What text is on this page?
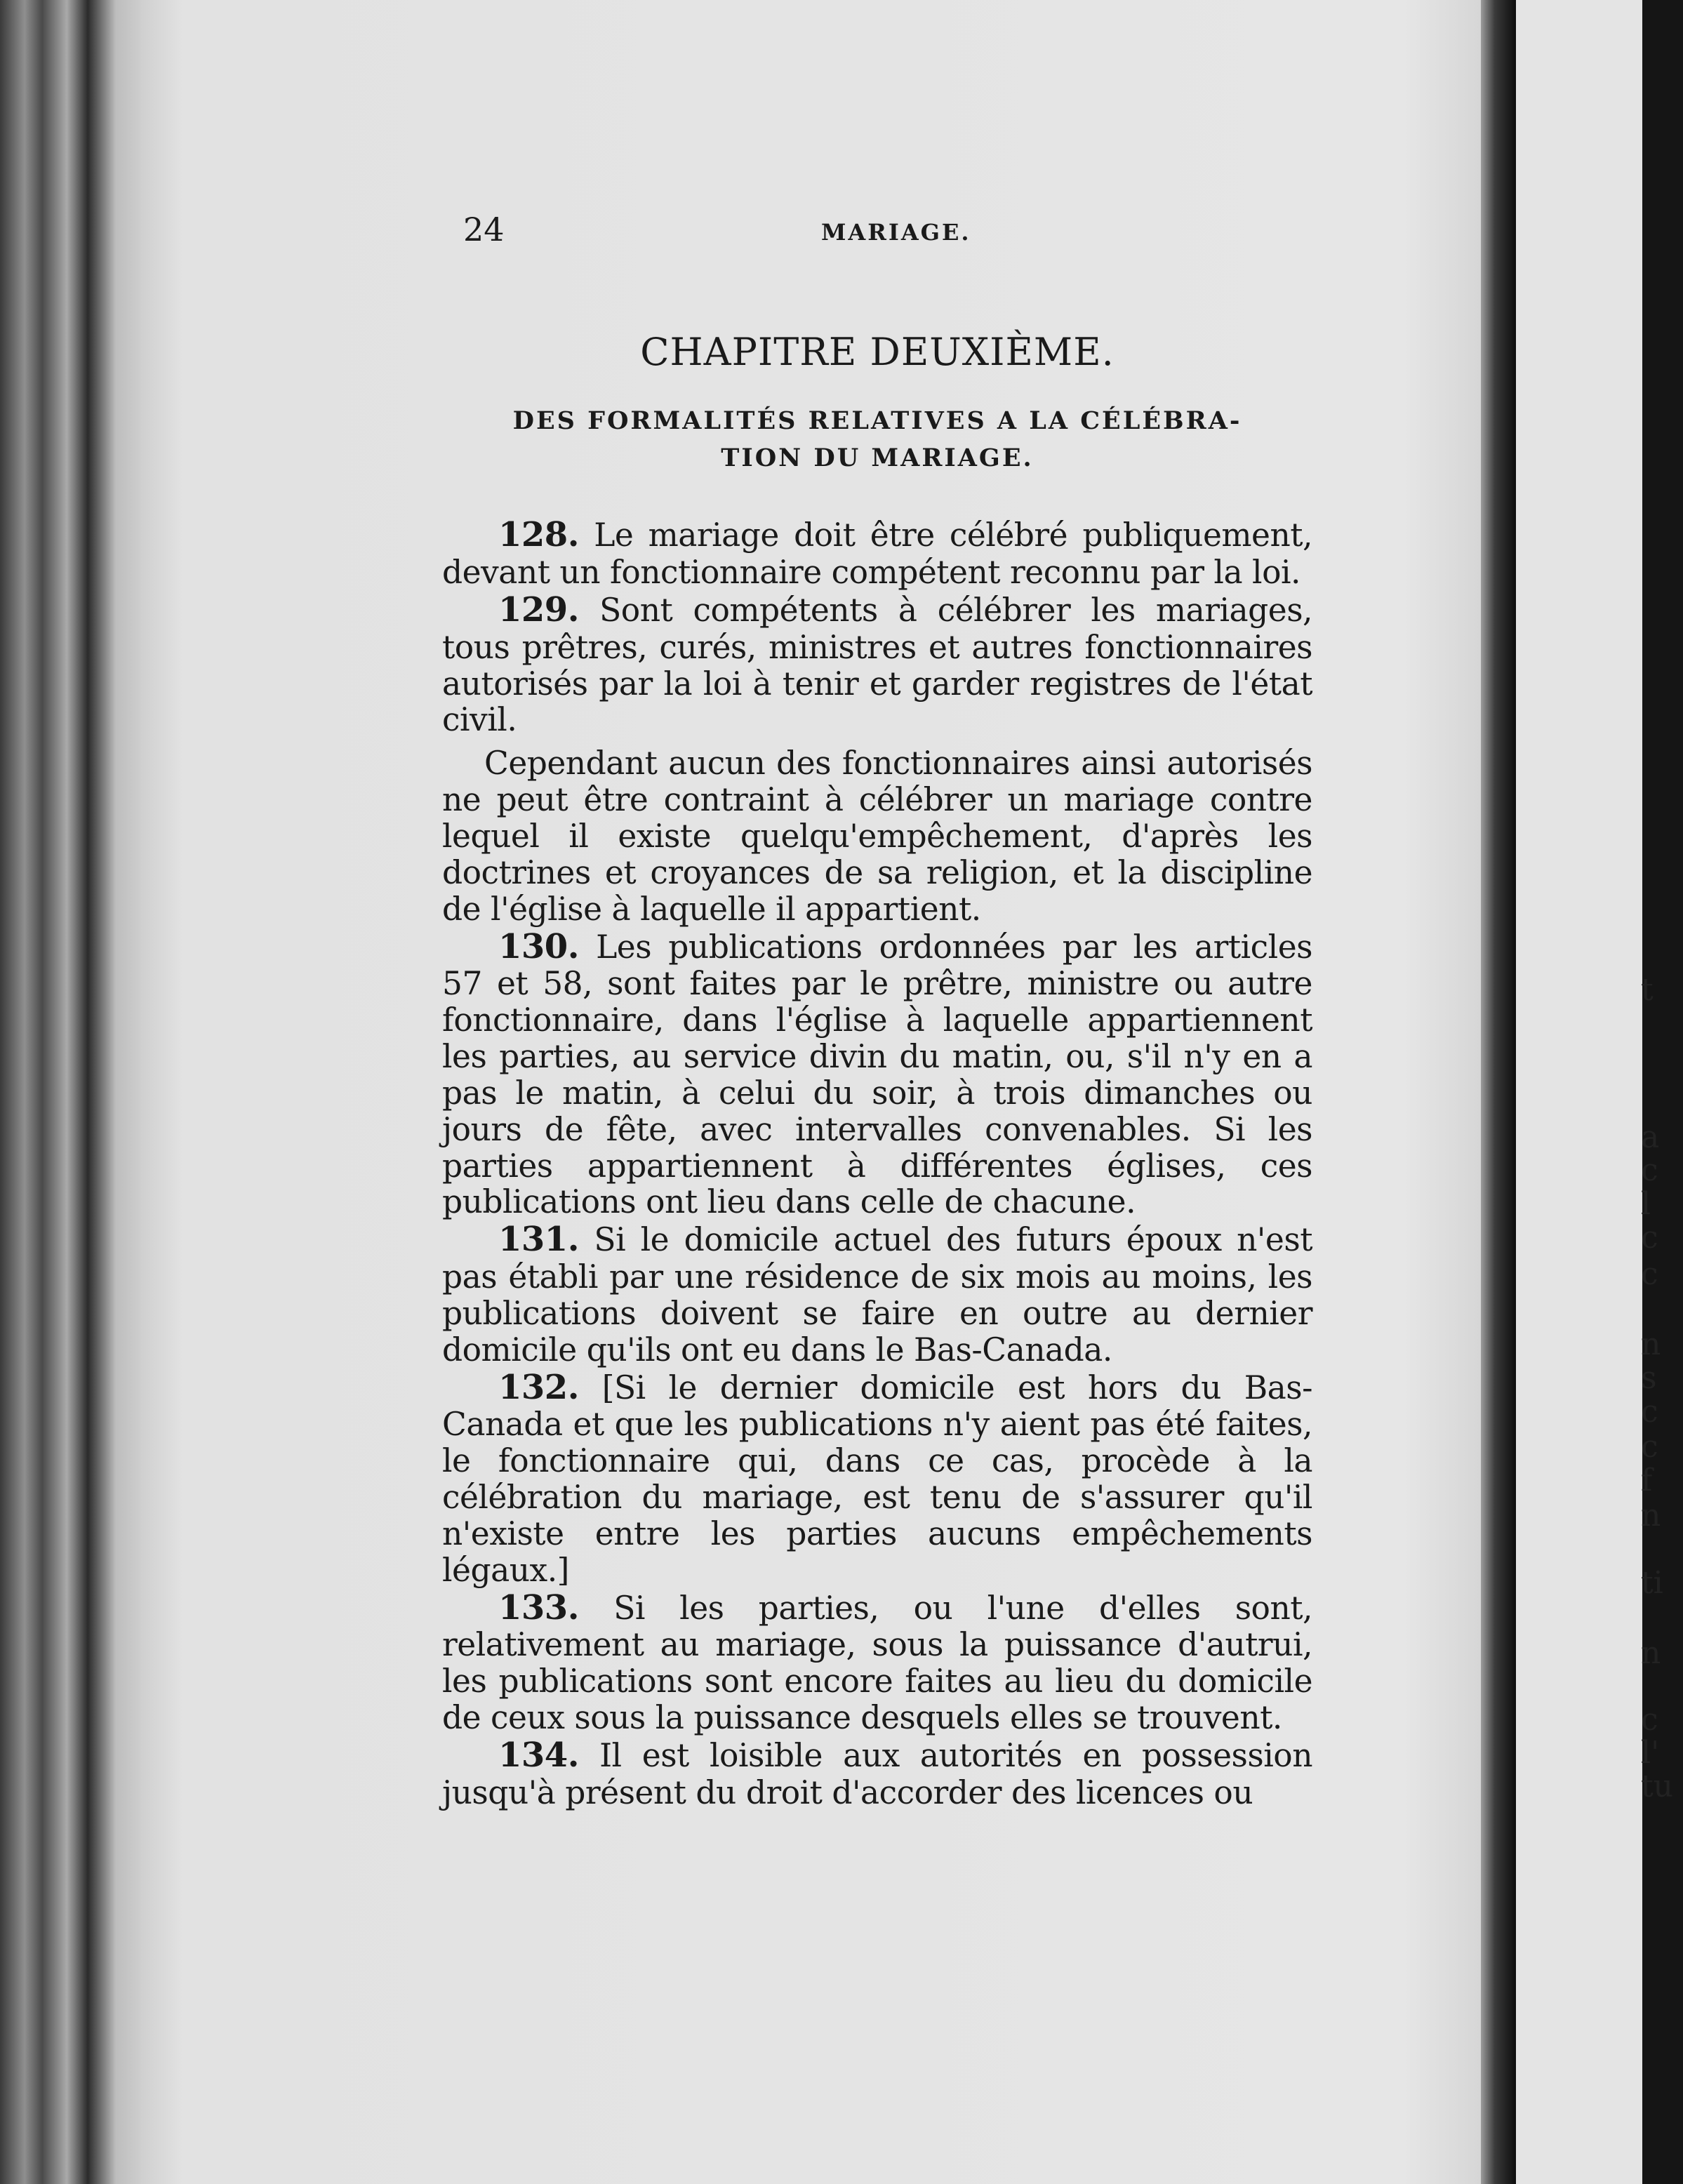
t
a
c
l
c
c
n
s
c
c
f
n
ti
n
c
l'
tu
24	MARIAGE.
CHAPITRE DEUXIÈME.
DES FORMALITÉS RELATIVES A LA CÉLÉBRA-
TION DU MARIAGE.

128. Le mariage doit être célébré publiquement, devant un fonctionnaire compétent reconnu par la loi.

129. Sont compétents à célébrer les mariages, tous prêtres, curés, ministres et autres fonctionnaires autorisés par la loi à tenir et garder registres de l'état civil.

Cependant aucun des fonctionnaires ainsi autorisés ne peut être contraint à célébrer un mariage contre lequel il existe quelqu'empêchement, d'après les doctrines et croyances de sa religion, et la discipline de l'église à laquelle il appartient.

130. Les publications ordonnées par les articles 57 et 58, sont faites par le prêtre, ministre ou autre fonctionnaire, dans l'église à laquelle appartiennent les parties, au service divin du matin, ou, s'il n'y en a pas le matin, à celui du soir, à trois dimanches ou jours de fête, avec intervalles convenables. Si les parties appartiennent à différentes églises, ces publications ont lieu dans celle de chacune.

131. Si le domicile actuel des futurs époux n'est pas établi par une résidence de six mois au moins, les publications doivent se faire en outre au dernier domicile qu'ils ont eu dans le Bas-Canada.

132. [Si le dernier domicile est hors du Bas-Canada et que les publications n'y aient pas été faites, le fonctionnaire qui, dans ce cas, procède à la célébration du mariage, est tenu de s'assurer qu'il n'existe entre les parties aucuns empêchements légaux.]

133. Si les parties, ou l'une d'elles sont, relativement au mariage, sous la puissance d'autrui, les publications sont encore faites au lieu du domicile de ceux sous la puissance desquels elles se trouvent.

134. Il est loisible aux autorités en possession jusqu'à présent du droit d'accorder des licences ou
